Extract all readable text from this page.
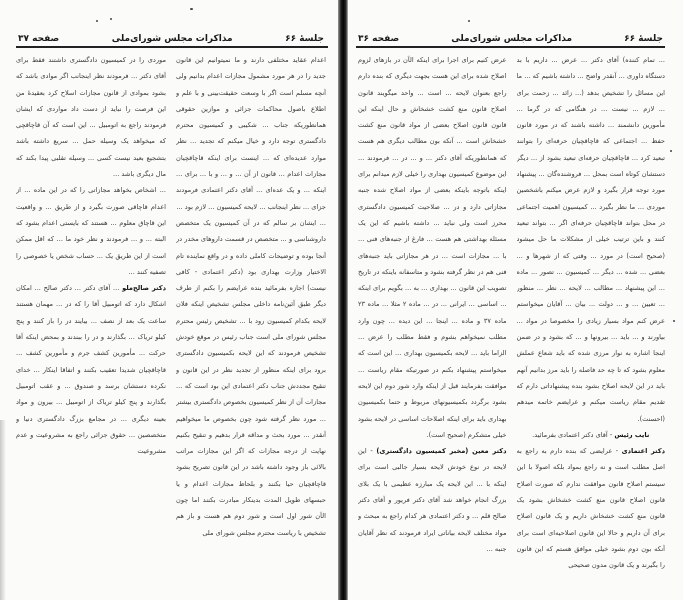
جلسهٔ ۶۶
مذاکرات مجلس شورای‌ملی
صفحه ۳۷

اعدام عقاید مختلفی دارند و ما نمیتوانیم این قانون جدید را در هر مورد مشمول مجازات اعدام بدانیم ولی آنچه مسلم است اگر با وسعت حقیقت‌بینی و با علم و اطلاع باصول محاکمات جزائی و موازین حقوقی همانطوریکه جناب ... شکیبی و کمیسیون محترم دادگستری توجه دارد و خیال میکنم که تجدید ... نظر موارد عدیده‌ای که ... اینست برای اینکه قاچاقچیان مجازات اعدام ... قانون از آن ... و ... و با ... برای ... اینکه ... و یک عده‌ای ... آقای دکتر اعتمادی فرمودند جزای ... نظر اینجانب ... لایحه کمیسیون ... لازم بود ...

... ایشان بر سالم که در آن کمیسیون یک متخصص داروشناسی و ... متخصص در قسمت داروهای مخدر در آنجا بوده و توضیحات کاملی داده و در واقع نماینده تام الاختیار وزارت بهداری بود (دکتر اعتمادی - کافی نیست) اجازه بفرمائید بنده عرایضم را بکنم از طرف دیگر طبق آئین‌نامه داخلی مجلس تشخیص اینکه فلان لایحه بکدام کمیسیون رود با ... تشخیص رئیس محترم مجلس شورای ملی است جناب رئیس در موقع خودش تشخیص فرمودند که این لایحه بکمیسیون دادگستری برود برای اینکه منظور از تجدید نظر در این قانون و تنقیح مجددش جناب دکتر اعتمادی این بود است که ... مجازات آن از نظر کمیسیون بخصوص دادگستری بیشتر ... مورد نظر گرفته شود چون بخصوص ما میخواهیم آنقدر ... مورد بحث و مداقه قرار بدهیم و تنقیح بکنیم نهایت از درجه مجازات که اگر این مجازات مراتب بالائی باز وجود داشته باشد در این قانون تصریح بشود قاچاقچیان حیا بکنند و بلحاظ مجازات اعدام و یا حبسهای طویل المدت بدینکار مبادرت بکنند اما چون الآن شور اول است و شور دوم هم هست و باز هم تشخیص با ریاست محترم مجلس شورای ملی

موردی را در کمیسیون دادگستری داشتند فقط برای آقای دکتر ... فرمودند نظر اینجانب اگر موادی باشد که بشود بموادی از قانون مجازات اسلاح کرد بعقیدهٔ من این فرصت را نباید از دست داد مواردی که ایشان فرمودند راجع به اتومبیل ... این است که آن قاچاقچی که میخواهد یک وسیله حمل ... سریع داشته باشد بتشجیع بعید نیست کسی ... وسیله تقلبی پیدا بکند که مال دیگری باشد ...

... اشخاص بخواهد مجازاتی را که در این ماده ... از اعدام قاچاقی صورت بگیرد و از طریق ... و واقعیت این قاچاق معلوم ... هستند که بایستی اعدام بشود که البته ... و ... فرمودند و نظر خود ما ... که اقل ممکن است از این طریق یک ... حساب شخص یا خصوصی را تصفیه کنند ...

دکتر صالح‌ملو ... آقای دکتر ... دکتر صالح ... امکان اشکال دارد که اتومبیل آقا را که در ... مهمان هستند ساعت یک بعد از نصف ... بیایند در را باز کنند و پنج کیلو تریاک ... بگذارند و در را ببندند و بمحض اینکه آقا حرکت ... مأمورین کشف جرم و مأمورین کشف ... قاچاقچیان شدیدا تعقیب بکنند و اتفاقا اینکار ... خدای نکرده دستشان برسد و صندوق ... و عقب اتومبیل بگذارند و پنج کیلو تریاک از اتومبیل ... بیرون و مواد بعینه دیگری ... در مجامع بزرگ دادگستری دنیا و متخصصین ... حقوق جزائی راجع به مشروعیت و عدم مشروعیت

جلسهٔ ۶۶
مذاکرات مجلس شورای‌ملی
صفحه ۳۶

... تمام کننده) آقای دکتر ... عرض ... داریم با بد دستگاه داوری ... آنقدر واضح ... داشته باشیم که ... ما این مسائل را تشخیص بدهد (... زائد ... زحمت برای ... لازم ... نیست ... در هنگامی که در گرما ... مأمورین دانشمند ... داشته باشند که در مورد قانون حفظ ... اجتماعی که قاچاقچیان حرفه‌ای را بتوانند تبعید کرد ... قاچاقچیان حرفه‌ای تبعید بشود از ... دیگر دستشان کوتاه است بمحل ... فروشنده‌گان ... پیشنهاد مورد توجه قرار بگیرد و لازم عرض میکنم باشخصین موردی ... ما نظر بگیرد ... کمیسیون اهمیت اجتماعی در محل بتواند قاچاقچیان حرفه‌ای اگر ... بتواند تبعید کنند و باین ترتیب خیلی از مشکلات ما حل میشود (صحیح است) در مورد ... وقتی که از شهرها و ... بعضی ... شده ... دیگر ... کمیسیون ... تصور ... ماده ... این پیشنهاد ... مطالب ... لایحه ... نظر ... منظور ... تعیین ... و ... دولت ... بیان ... آقایان میخواستم عرض کنم مواد بسیار زیادی را مخصوصا در مواد ... بیاورند و ... باید ... بیرونها و ... که بشود و در ضمن اینجا اشاره به نوار مرزی شده که باید شعاع عملش معلوم بشود که تا چه حد فاصله را باید مرز بدانیم آنهم باید در این لایحه اصلاح بشود بنده پیشنهاداتی دارم که تقدیم مقام ریاست میکنم و عرایضم خاتمه میدهم (احسنت).

نایب رئیس - آقای دکتر اعتمادی بفرمائید.

دکتر اعتمادی - عرایضی که بنده دارم به راجع به اصل مطلب است و نه راجع بمواد بلکه اصولا با این سیستم اصلاح قانون موافقت ندارم که صورت اصلاح قانون اصلاح قانون منع کشت خشخاش بشود یک قانون منع کشت خشخاش داریم و یک قانون اصلاح برای آن داریم و حالا این قانون اصلاحیه‌ای است برای آنکه بون دوم بشود خیلی موافق هستم که این قانون را بگیرند و یک قانون مدون صحیحی

عرض کنیم برای اجرا برای اینکه الآن در بازهای لزوم اصلاح شده برای این هست بجهت دیگری که بنده دارم راجع بعنوان لایحه ... است ... واحد میگویند قانون اصلاح قانون منع کشت خشخاش و حال اینکه این قانون قانون اصلاح بعضی از مواد قانون منع کشت خشخاش است ... آنکه بون مطالب دیگری هم هست که همانطوریکه آقای دکتر ... و ... در ... فرمودند ... این موضوع کمیسیون بهداری را خیلی لازم میدانم برای اینکه باتوجه باینکه بعضی از مواد اصلاح شده جنبه مجازاتی دارد و در ... صلاحیت کمیسیون دادگستری محرز است ولی نباید ... داشته باشیم که این یک مسئله بهداشتی هم هست ... فارغ از جنبه‌های فنی ... با ... مجازات است ... در هر مجازاتی باید جنبه‌های فنی هم در نظر گرفته بشود و متاسفانه باینکه در تاریخ تصویب این قانون ... بهداری ... به ... بگویم برای اینکه ... اساسی ... ایرانی ... در ... ماده ۲ مثلا ... ماده ۲۳ ماده ۳۷ و ماده ... اینجا ... این دیده ... چون وارد مطلب نمیخواهم بشوم و فقط مطلب را عرض ... الزاما باید ... لایحه بکمیسیون بهداری ... این است که میخواستم پیشنهاد بکنم در صورتیکه مقام ریاست ... موافقت بفرمایند قبل از اینکه وارد شور دوم این لایحه بشود برگردد بکمیسیونهای مربوط و حتما بکمیسیون بهداری باید برای اینکه اصلاحات اساسی در لایحه بشود خیلی متشکرم (صحیح است).

دکتر معین (مخبر کمیسیون دادگستری) - این لایحه در نوع خودش لایحه بسیار جالبی است برای اینکه با ... این لایحه یک مبارزه عظیمی با یک بلای بزرگ انجام خواهد شد آقای دکتر فریور و آقای دکتر صالح قلم ... و دکتر اعتمادی هر کدام راجع به مبحث و مواد مختلف لایحه بیاناتی ایراد فرمودند که نظر آقایان جنبه ...
